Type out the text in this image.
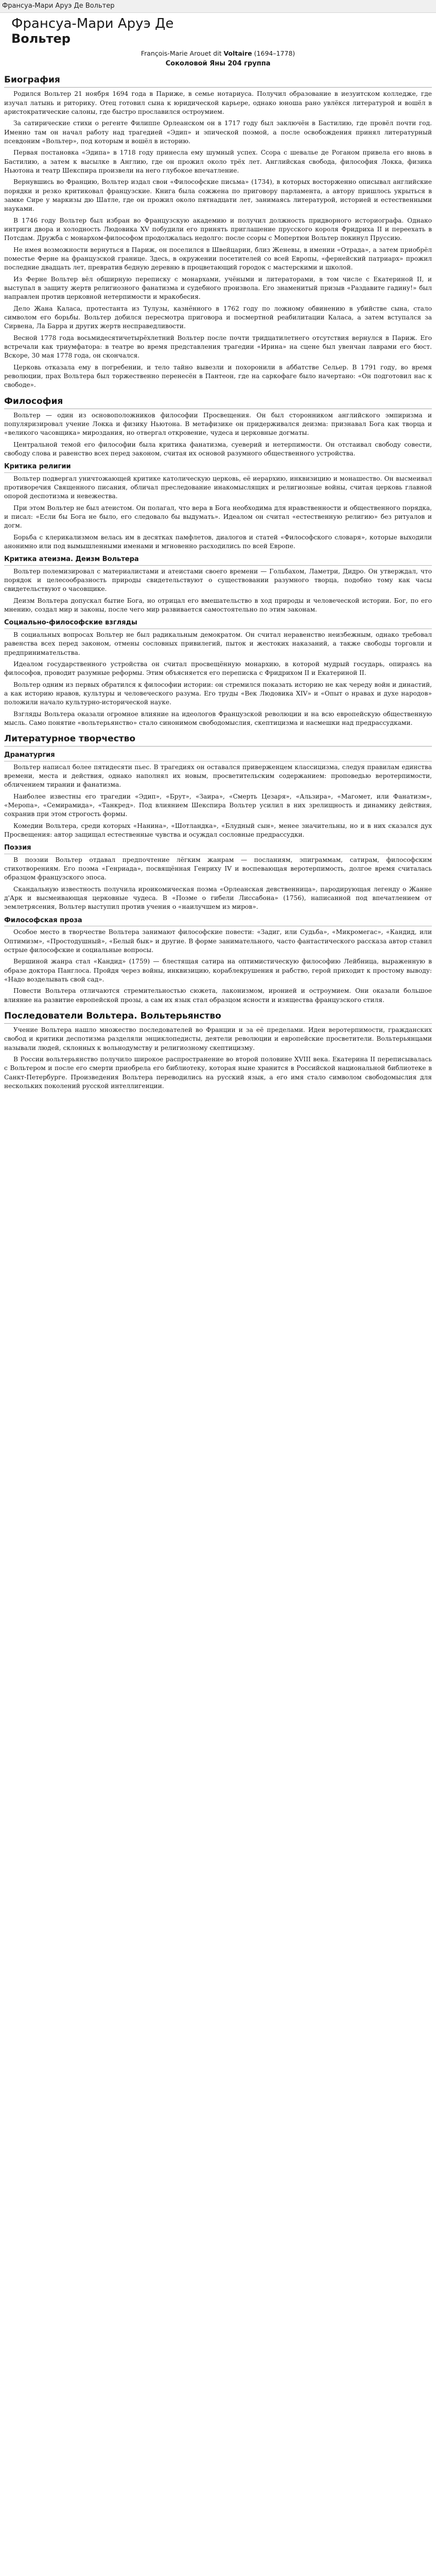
Франсуа-Мари Аруэ Де Вольтер
Франсуа-Мари Аруэ Де
Вольтер
François-Marie Arouet dit Voltaire (1694–1778)
Соколовой Яны 204 группа
Биография

Родился Вольтер 21 ноября 1694 года в Париже, в семье нотариуса. Получил образование в иезуитском колледже, где изучал латынь и риторику. Отец готовил сына к юридической карьере, однако юноша рано увлёкся литературой и вошёл в аристократические салоны, где быстро прославился остроумием.

За сатирические стихи о регенте Филиппе Орлеанском он в 1717 году был заключён в Бастилию, где провёл почти год. Именно там он начал работу над трагедией «Эдип» и эпической поэмой, а после освобождения принял литературный псевдоним «Вольтер», под которым и вошёл в историю.

Первая постановка «Эдипа» в 1718 году принесла ему шумный успех. Ссора с шевалье де Роганом привела его вновь в Бастилию, а затем к высылке в Англию, где он прожил около трёх лет. Английская свобода, философия Локка, физика Ньютона и театр Шекспира произвели на него глубокое впечатление.

Вернувшись во Францию, Вольтер издал свои «Философские письма» (1734), в которых восторженно описывал английские порядки и резко критиковал французские. Книга была сожжена по приговору парламента, а автору пришлось укрыться в замке Сире у маркизы дю Шатле, где он прожил около пятнадцати лет, занимаясь литературой, историей и естественными науками.

В 1746 году Вольтер был избран во Французскую академию и получил должность придворного историографа. Однако интриги двора и холодность Людовика XV побудили его принять приглашение прусского короля Фридриха II и переехать в Потсдам. Дружба с монархом-философом продолжалась недолго: после ссоры с Мопертюи Вольтер покинул Пруссию.

Не имея возможности вернуться в Париж, он поселился в Швейцарии, близ Женевы, в имении «Отрада», а затем приобрёл поместье Ферне на французской границе. Здесь, в окружении посетителей со всей Европы, «фернейский патриарх» прожил последние двадцать лет, превратив бедную деревню в процветающий городок с мастерскими и школой.

Из Ферне Вольтер вёл обширную переписку с монархами, учёными и литераторами, в том числе с Екатериной II, и выступал в защиту жертв религиозного фанатизма и судебного произвола. Его знаменитый призыв «Раздавите гадину!» был направлен против церковной нетерпимости и мракобесия.

Дело Жана Каласа, протестанта из Тулузы, казнённого в 1762 году по ложному обвинению в убийстве сына, стало символом его борьбы. Вольтер добился пересмотра приговора и посмертной реабилитации Каласа, а затем вступался за Сирвена, Ла Барра и других жертв несправедливости.

Весной 1778 года восьмидесятичетырёхлетний Вольтер после почти тридцатилетнего отсутствия вернулся в Париж. Его встречали как триумфатора: в театре во время представления трагедии «Ирина» на сцене был увенчан лаврами его бюст. Вскоре, 30 мая 1778 года, он скончался.

Церковь отказала ему в погребении, и тело тайно вывезли и похоронили в аббатстве Сельер. В 1791 году, во время революции, прах Вольтера был торжественно перенесён в Пантеон, где на саркофаге было начертано: «Он подготовил нас к свободе».

Философия

Вольтер — один из основоположников философии Просвещения. Он был сторонником английского эмпиризма и популяризировал учение Локка и физику Ньютона. В метафизике он придерживался деизма: признавал Бога как творца и «великого часовщика» мироздания, но отвергал откровение, чудеса и церковные догматы.

Центральной темой его философии была критика фанатизма, суеверий и нетерпимости. Он отстаивал свободу совести, свободу слова и равенство всех перед законом, считая их основой разумного общественного устройства.

Критика религии

Вольтер подвергал уничтожающей критике католическую церковь, её иерархию, инквизицию и монашество. Он высмеивал противоречия Священного писания, обличал преследование инакомыслящих и религиозные войны, считая церковь главной опорой деспотизма и невежества.

При этом Вольтер не был атеистом. Он полагал, что вера в Бога необходима для нравственности и общественного порядка, и писал: «Если бы Бога не было, его следовало бы выдумать». Идеалом он считал «естественную религию» без ритуалов и догм.

Борьба с клерикализмом велась им в десятках памфлетов, диалогов и статей «Философского словаря», которые выходили анонимно или под вымышленными именами и мгновенно расходились по всей Европе.

Критика атеизма. Деизм Вольтера

Вольтер полемизировал с материалистами и атеистами своего времени — Гольбахом, Ламетри, Дидро. Он утверждал, что порядок и целесообразность природы свидетельствуют о существовании разумного творца, подобно тому как часы свидетельствуют о часовщике.

Деизм Вольтера допускал бытие Бога, но отрицал его вмешательство в ход природы и человеческой истории. Бог, по его мнению, создал мир и законы, после чего мир развивается самостоятельно по этим законам.

Социально-философские взгляды

В социальных вопросах Вольтер не был радикальным демократом. Он считал неравенство неизбежным, однако требовал равенства всех перед законом, отмены сословных привилегий, пыток и жестоких наказаний, а также свободы торговли и предпринимательства.

Идеалом государственного устройства он считал просвещённую монархию, в которой мудрый государь, опираясь на философов, проводит разумные реформы. Этим объясняется его переписка с Фридрихом II и Екатериной II.

Вольтер одним из первых обратился к философии истории: он стремился показать историю не как череду войн и династий, а как историю нравов, культуры и человеческого разума. Его труды «Век Людовика XIV» и «Опыт о нравах и духе народов» положили начало культурно-исторической науке.

Взгляды Вольтера оказали огромное влияние на идеологов Французской революции и на всю европейскую общественную мысль. Само понятие «вольтерьянство» стало синонимом свободомыслия, скептицизма и насмешки над предрассудками.

Литературное творчество
Драматургия

Вольтер написал более пятидесяти пьес. В трагедиях он оставался приверженцем классицизма, следуя правилам единства времени, места и действия, однако наполнял их новым, просветительским содержанием: проповедью веротерпимости, обличением тирании и фанатизма.

Наиболее известны его трагедии «Эдип», «Брут», «Заира», «Смерть Цезаря», «Альзира», «Магомет, или Фанатизм», «Меропа», «Семирамида», «Танкред». Под влиянием Шекспира Вольтер усилил в них зрелищность и динамику действия, сохранив при этом строгость формы.

Комедии Вольтера, среди которых «Нанина», «Шотландка», «Блудный сын», менее значительны, но и в них сказался дух Просвещения: автор защищал естественные чувства и осуждал сословные предрассудки.

Поэзия

В поэзии Вольтер отдавал предпочтение лёгким жанрам — посланиям, эпиграммам, сатирам, философским стихотворениям. Его поэма «Генриада», посвящённая Генриху IV и воспевающая веротерпимость, долгое время считалась образцом французского эпоса.

Скандальную известность получила ироикомическая поэма «Орлеанская девственница», пародирующая легенду о Жанне д'Арк и высмеивающая церковные чудеса. В «Поэме о гибели Лиссабона» (1756), написанной под впечатлением от землетрясения, Вольтер выступил против учения о «наилучшем из миров».

Философская проза

Особое место в творчестве Вольтера занимают философские повести: «Задиг, или Судьба», «Микромегас», «Кандид, или Оптимизм», «Простодушный», «Белый бык» и другие. В форме занимательного, часто фантастического рассказа автор ставил острые философские и социальные вопросы.

Вершиной жанра стал «Кандид» (1759) — блестящая сатира на оптимистическую философию Лейбница, выраженную в образе доктора Панглоса. Пройдя через войны, инквизицию, кораблекрушения и рабство, герой приходит к простому выводу: «Надо возделывать свой сад».

Повести Вольтера отличаются стремительностью сюжета, лаконизмом, иронией и остроумием. Они оказали большое влияние на развитие европейской прозы, а сам их язык стал образцом ясности и изящества французского стиля.

Последователи Вольтера. Вольтерьянство

Учение Вольтера нашло множество последователей во Франции и за её пределами. Идеи веротерпимости, гражданских свобод и критики деспотизма разделяли энциклопедисты, деятели революции и европейские просветители. Вольтерьянцами называли людей, склонных к вольнодумству и религиозному скептицизму.

В России вольтерьянство получило широкое распространение во второй половине XVIII века. Екатерина II переписывалась с Вольтером и после его смерти приобрела его библиотеку, которая ныне хранится в Российской национальной библиотеке в Санкт-Петербурге. Произведения Вольтера переводились на русский язык, а его имя стало символом свободомыслия для нескольких поколений русской интеллигенции.
